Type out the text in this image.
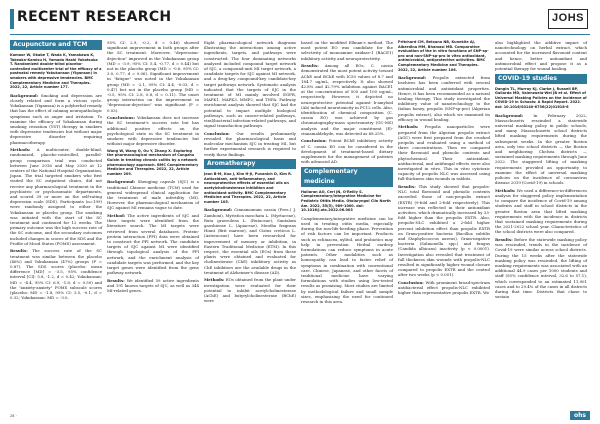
RECENT RESEARCH	JOHS
Acupuncture and TCM
Kamoor W, Okabe T, Wada K, Yamakawa K, Takeoka-Kamisu H, Yamada Hashi Yokotsuka T. Randomized double-blind placebo-controlled multicenter trial of the efficacy of a postnatal remedy Yokukansan (Yigansan) in smokers with depressive tendencies. BMC Complementary Medicine and Therapies. 2022, 22, Article number 177.

Background: Smoking and depression are closely related and form a vicious cycle. Yokukansan (Yigansan) is a polyherbal remedy that has the effect of calming neuropathologic symptoms such as anger and irritation. To examine the efficacy of Yokukansan during smoking cessation (YST) therapy in smokers with depressive tendencies but without major depressive disorder requiring pharmacotherapy.

Methods: A multicenter, double-blind, randomized, placebo-controlled, parallel-group comparison trial was conducted between June 2016 and May 2020 at 12 centers of the National Hospital Organization, Japan. The trial targeted smokers who first visited the SC outpatient clinics, did not receive any pharmacological treatment in the psychiatric or psychosomatic departments, and scored 39 or more on the self-rating depression scale (SDS). Participants (n=199) were randomly assigned to either the Yokukansan or placebo group. The smoking was initiated with the start of the SC treatment and continued for 12 weeks. The primary outcome was the high success rate of the SC outcome, and the secondary outcomes included changes in scores of the SDS and the Profile of Mood States (POMS) assessment.

Results: The success rate of the SC treatment was similar between the placebo (46%) and Yokukansan (47%) groups (P = 0.87). The SDS scores (placebo: mean difference [MD] = -3.5, 95% confidence interval [CI]: 5.8, -1.2, d = 0.42; Yokukansan: MD = -4.4, 95% CI: 6.9, -1.8, d = 0.59) and the "anxiety-anxiety" POMS subscale scores (placebo: MD = -1.8, 95% CI: 3.5, -0.1, d = 0.32; Yokukansan: MD = -3.0,

95% CI: 2.9, -0.2, d = 0.46) showed significant improvement in both groups after the SC treatment. Moreover, "depression-dejection" improved in the Yokukansan group (MD = -3.9, 95% CI: 5.4, -0.77, d = 0.44) but not in the placebo group (MD = -0.6, 95% CI: 3.0, 0.77, d = 0.06). Significant improvement in "fatigue" was noted in the Yokukansan group (MD = -2.1, 95% CI: 4.4, -0.03, d = 0.47) but not in the placebo group (MD = -0.5, 95% CI: 2.8, 0.8, d = 0.11). The onset group interaction on the improvement in "depression-dejection" was significant (P = 0.03).

Conclusions: Yokukansan does not increase the SC treatment's success rate but has additional positive effects on the psychological state in the SC treatment in smokers with depressive tendencies but without major depressive disorder.

Wang W, Wang Q, Ou Y, Zhang X. Exploring the pharmacological mechanism of Cangzhu Guixin in treating chronic colitis by a network pharmacology approach. BMC Complementary Medicine and Therapies. 2022, 22, Article number 209.

Background: Shengjing capsule (SJC) is a traditional Chinese medicine (TCM) used for general widespread clinical application for the treatment of male infertility (MI). However, the pharmacological mechanism of SJC against MI remains vague to date.

Method: The active ingredients of SJC and their targets were identified from the literature search. The MI targets were retrieved from several databases. Protein-protein interaction (PPI) data were obtained to construct the PPI network. The candidate targets of SJC against MI were identified through topological analysis of the PPI network, and the enrichment analysis of candidate targets was performed, and the key target genes were identified from the gene pathway network.

Results: We identified 59 active ingredients and 191 known targets of SJC, as well as 344 MI-related genes.

Eight pharmacological network diagrams illustrating the interactions among active ingredients, targets, and pathways were constructed. The four dominating networks analyzed included compound target network of SJC, a compound-anti MI target network, a candidate targets for SJC against MI network, and a drug-key compound-key candidate-key target pathways network. Systematic analysis indicated that the targets of SJC in the treatment of MI mainly involved EGFR, MAPK1, MAPK3, MMP2, and TNFA. Pathway enrichment analysis showed that SJC had the potential to impact multiple biological pathways, such as cancer-related pathways, viral/bacterial infection-related pathways, and signal transduction pathways.

Conclusion: Our results preliminarily revealed the pharmacological basis and molecular mechanism SJC in treating MI, but further experimental research is required to verify these findings.

Aromatherapy
Jeon B-M, Kuo J, Kim H-Ji, Puvanich D, Kim R. Antioxidant, anti-inflammatory, and neuroprotective effects of essential oils on acetylcholinesterase inhibition and antioxidant activity. BMC Complementary Medicine and Therapies. 2022, 22, Article number 105.

Background: Cinnamomum cassia (Pres.) J. Zamboni), Myristica moschata L. (Myrtaceae), Ruta graveolens L. (Rutaceae), Santalum gaoshiense L. (Apiaceae), Mentha fragrans Hiunt (Brit marene), and Cistus creticus L. (Asteraceae) have been researched for improvement of memory or inhibition, in Eastern Traditional Medicine (ETM). In this respect, the essential oils (EOs) from these plants were obtained and evaluated for cholinesterase (ChE) inhibitory activity as ChE inhibitors are the available drugs in the treatment of Alzheimer's disease (AD).

Methods: EOs obtained from the plant under investigation were evaluated for their potential to inhibit acetylcholinesterase (AChE) and butyrylcholinesterase (BChE) were

based on the modified Ellman's method. The most potent EO was candidate for the selectivity of monoamine oxidase-1 (BACE1) inhibitory activity and neuroprotectivity.

Results: Among all EOs, C. cassia demonstrated the most potent activity toward AChE and BChE with IC50 values of 8.7 and 184.7 ug/mL, respectively. It also showed 42.8% and 42.79% inhibition against BACE1 at the concentration of 500 and 100 ug/mL, respectively. However, it depicted no neuroprotective potential against b-amyloid (Ab) induced neurotoxicity in PC12 cells. Also, identification of chemical composition (C. cassia EO) was achieved by gas chromatography-mass spectrometry (GC-MS) analysis and the major constituent (E)-cinnamaldehyde, was detected as 68.25%.

Conclusion: Potent BChE inhibitory activity of C. cassia EO can be considered in the development of treatment-based dietary supplements for the management of patients with advanced AD.

Complementary medicine
Halloran AO, Ceri JN, O'Reilly S. Complementary/Integrative Medicine for Pediatric Otitis Media. Otolaryngol Clin North Am. 2022, 55(5), 989-1000. doi: 10.1016/j.otc.2022.06.003

Complementary/integrative medicine can be used in treating otitis media, especially during the non-life-heeding phase. Prevention of risk factors can be important. Products such as echinacea, xylitol, and probiotics may help in prevention. Herbal eardrop formulations can reduce symptoms in acute patients. Other modalities such as homeopathy can lead to faster relief of symptoms in combination with conventional care. Chinese, Japanese, and other facets of traditional medicine have varying formulations with studies using low-tested results as promising. Most studies are limited by methodological failure and small sample sizes, emphasizing the need for continued research in this area.

Pritchard CM, Belouna NB, Kuneklie AJ, Alberdina MM, Bhamasi MB. Comparative evaluation of the in vitro functions of SNP-sp-pro and non-SNP-sp-pro in vitro antioxidant, antimicrobial, antiprotective activities. BMC Complementary Medicine and Therapies. 2022, 22, Article number 106.

Background: Propolis extracted from beehives has been conferred with several antimicrobial and antioxidant properties. Hence, it has been recommended as a natural healing therapy. This study investigated the inhibitory value of nanotechnology to the Italian honey, propolis (SNP-sp-pro) (Algerian propolis extract), also which we examined its efficacy in wound healing.

Methods: Propolis nanoparticles were prepared from the Algerian propolis extract (AGC) were first prepared from the crushed propolis and evaluated using a method of three concentrations. Then we compared their flavonoid and phenolic contents and phytochemical. Their antioxidant, antibacterial, and antifungal effects were also investigated in vitro. This in vitro cytotoxic capacity of propolis NLC was assessed using full-thickness skin wounds in rabbits.

Results: This study showed that propolis-NLC total flavonoid and phenolic contents exceeded those of non-propolis extract (EXTR) (9-fold and 2-fold respectively). This increase was reflected in their antioxidant activities, which dramatically increased by 33-fold higher than the propolis EXTR. Also, propolis-NLC exhibited a 2-fold higher percent inhibition effect than propolis EXTR on Gram-positive bacteria (Bacillus subtilis and Staphylococcus aureus), Gram-negative bacteria (Salmonella spp.) and fungus (Candida albicans) inactivity (p < 0.0001). Investigation also revealed that treatment of full thickness skin wounds with propolis-NLC resulted in significantly higher wound closure compared to propolis EXTR and the control after two weeks (p < 0.001).

Conclusion: With prominent broad-spectrum antibacterial effect propolis-NLC exhibited higher than representative propolis EXTR. We

also highlighted the additive impact of nanotechnology on herbal extract, which accounted for the increased flavonoid content and hence, better antioxidant and antimicrobial effect and propose it as a potential therapy for wound healing.

COVID-19 studies
Dangin TL, Murray KJ, Clarke J, Russell BP, Gallardo MD, Valenzuela-Wei JB et al. Effect of Universal Masking Policies on the Incidence of COVID-19 in Schools: A Rapid Report. 2022. doi: 10.1016/S0140-6736(22)01618-6

Background:	In February 2022, Massachusetts rescinded a statewide universal masking policy in public schools, and many Massachusetts school districts lifted masking requirements during the subsequent weeks. In the greater Boston area, only two school districts — the Boston and neighboring Chelsea districts — sustained masking requirements through June 2022. The staggered lifting of masking requirements provided an opportunity to examine the effect of universal masking policies on the incidence of coronavirus disease 2019 (Covid-19) in schools.

Methods: We used a difference-in-differences analysis for staggered policy implementation to compare the incidence of Covid-19 among students and staff in school districts in the greater Boston area that lifted masking requirements with the incidence in districts that sustained masking requirements during the 2021-2022 school year. Characteristics of the school districts were also compared.

Results: Before the statewide masking policy was rescinded, trends in the incidence of Covid-19 were similar across school districts. During the 15 weeks after the statewide masking policy was rescinded, the lifting of masking requirements was associated with an additional 44.9 cases per 1000 students and staff (95% confidence interval, 32.6 to 57.1), which corresponded to an estimated 11,901 cases and to 29.4% of the cases in all districts during that time. Districts that chose to sustain

28 ·	ohs
